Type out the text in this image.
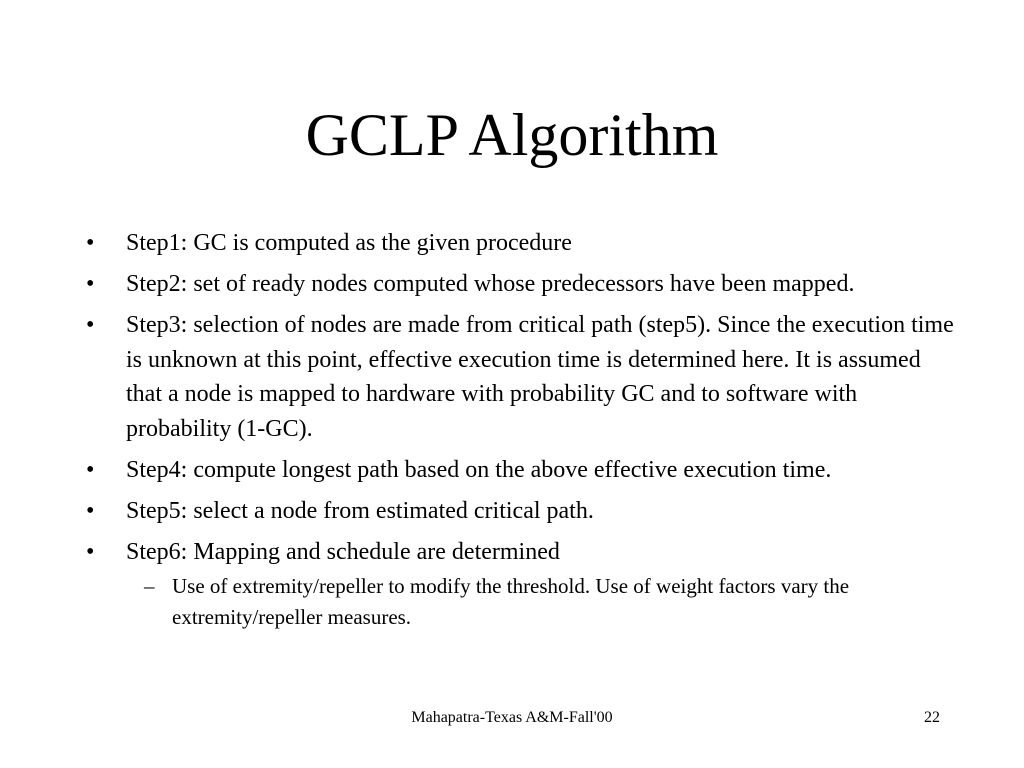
GCLP Algorithm
• Step1: GC is computed as the given procedure
• Step2: set of ready nodes computed whose predecessors have been mapped.
• Step3: selection of nodes are made from critical path (step5). Since the execution time is unknown at this point, effective execution time is determined here. It is assumed that a node is mapped to hardware with probability GC and to software with probability (1-GC).
• Step4: compute longest path based on the above effective execution time.
• Step5: select a node from estimated critical path.
• Step6: Mapping and schedule are determined
– Use of extremity/repeller to modify the threshold. Use of weight factors vary the extremity/repeller measures.
Mahapatra-Texas A&M-Fall'00	22
